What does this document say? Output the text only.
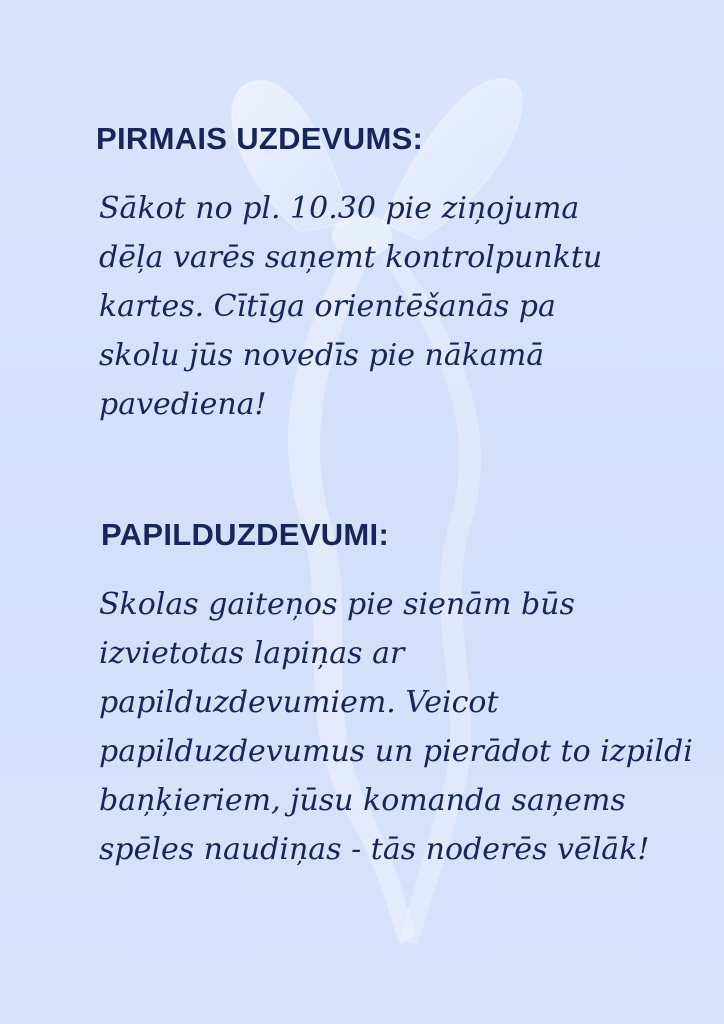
PIRMAIS UZDEVUMS:
Sākot no pl. 10.30 pie ziņojuma
dēļa varēs saņemt kontrolpunktu
kartes. Cītīga orientēšanās pa
skolu jūs novedīs pie nākamā
pavediena!
PAPILDUZDEVUMI:
Skolas gaiteņos pie sienām būs
izvietotas lapiņas ar
papilduzdevumiem. Veicot
papilduzdevumus un pierādot to izpildi
baņķieriem, jūsu komanda saņems
spēles naudiņas - tās noderēs vēlāk!
